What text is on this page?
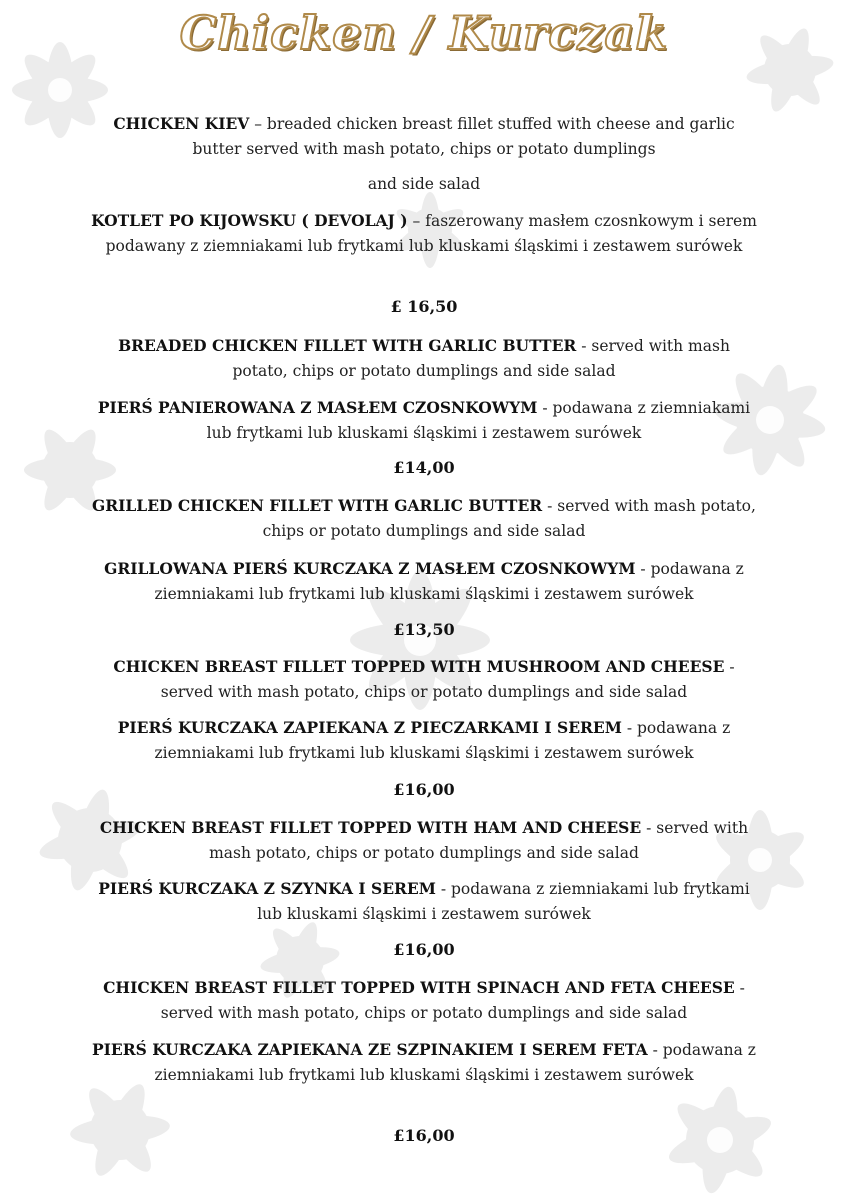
Chicken / Kurczak
CHICKEN KIEV – breaded chicken breast fillet stuffed with cheese and garlic butter served with mash potato, chips or potato dumplings
and side salad
KOTLET PO KIJOWSKU ( DEVOLAJ ) – faszerowany masłem czosnkowym i serem podawany z ziemniakami lub frytkami lub kluskami śląskimi i zestawem surówek
£ 16,50
BREADED CHICKEN FILLET WITH GARLIC BUTTER - served with mash potato, chips or potato dumplings and side salad
PIERŚ PANIEROWANA Z MASŁEM CZOSNKOWYM - podawana z ziemniakami lub frytkami lub kluskami śląskimi i zestawem surówek
£14,00
GRILLED CHICKEN FILLET WITH GARLIC BUTTER - served with mash potato, chips or potato dumplings and side salad
GRILLOWANA PIERŚ KURCZAKA Z MASŁEM CZOSNKOWYM - podawana z ziemniakami lub frytkami lub kluskami śląskimi i zestawem surówek
£13,50
CHICKEN BREAST FILLET TOPPED WITH MUSHROOM AND CHEESE - served with mash potato, chips or potato dumplings and side salad
PIERŚ KURCZAKA ZAPIEKANA Z PIECZARKAMI I SEREM - podawana z ziemniakami lub frytkami lub kluskami śląskimi i zestawem surówek
£16,00
CHICKEN BREAST FILLET TOPPED WITH HAM AND CHEESE - served with mash potato, chips or potato dumplings and side salad
PIERŚ KURCZAKA Z SZYNKA I SEREM - podawana z ziemniakami lub frytkami lub kluskami śląskimi i zestawem surówek
£16,00
CHICKEN BREAST FILLET TOPPED WITH SPINACH AND FETA CHEESE - served with mash potato, chips or potato dumplings and side salad
PIERŚ KURCZAKA ZAPIEKANA ZE SZPINAKIEM I SEREM FETA - podawana z ziemniakami lub frytkami lub kluskami śląskimi i zestawem surówek
£16,00
